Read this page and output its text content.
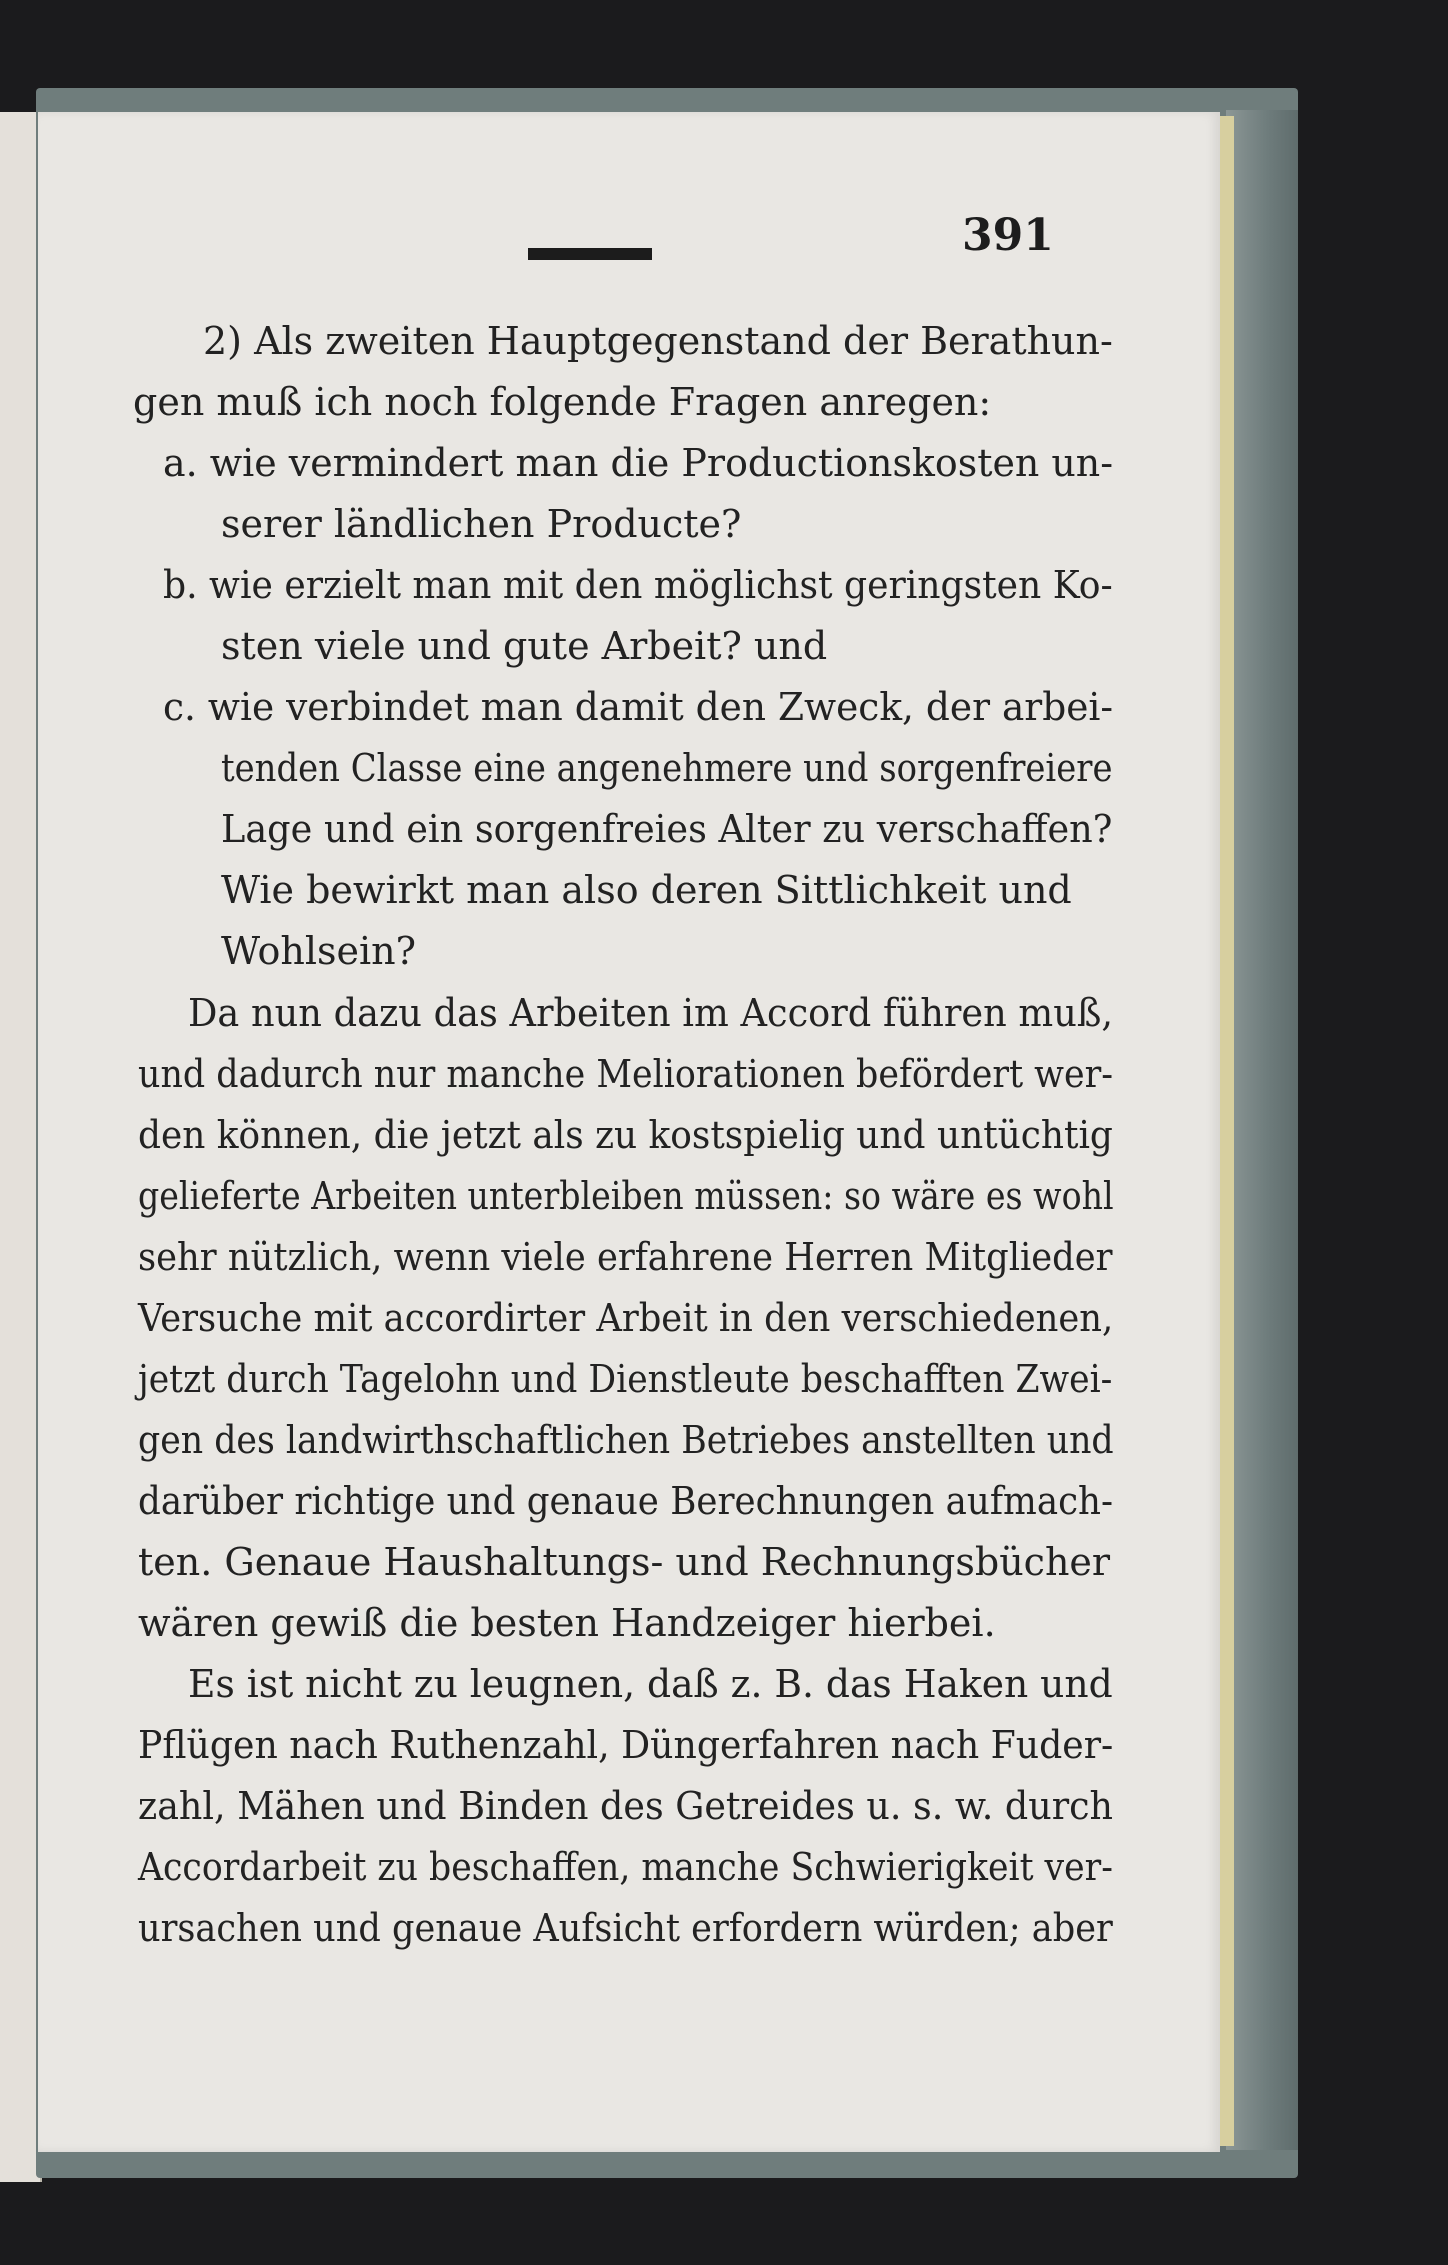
391
2) Als zweiten Hauptgegenstand der Berathun-
gen muß ich noch folgende Fragen anregen:
a. wie vermindert man die Productionskosten un-
serer ländlichen Producte?
b. wie erzielt man mit den möglichst geringsten Ko-
sten viele und gute Arbeit? und
c. wie verbindet man damit den Zweck, der arbei-
tenden Classe eine angenehmere und sorgenfreiere
Lage und ein sorgenfreies Alter zu verschaffen?
Wie bewirkt man also deren Sittlichkeit und
Wohlsein?
Da nun dazu das Arbeiten im Accord führen muß,
und dadurch nur manche Meliorationen befördert wer-
den können, die jetzt als zu kostspielig und untüchtig
gelieferte Arbeiten unterbleiben müssen: so wäre es wohl
sehr nützlich, wenn viele erfahrene Herren Mitglieder
Versuche mit accordirter Arbeit in den verschiedenen,
jetzt durch Tagelohn und Dienstleute beschafften Zwei-
gen des landwirthschaftlichen Betriebes anstellten und
darüber richtige und genaue Berechnungen aufmach-
ten. Genaue Haushaltungs- und Rechnungsbücher
wären gewiß die besten Handzeiger hierbei.
Es ist nicht zu leugnen, daß z. B. das Haken und
Pflügen nach Ruthenzahl, Düngerfahren nach Fuder-
zahl, Mähen und Binden des Getreides u. s. w. durch
Accordarbeit zu beschaffen, manche Schwierigkeit ver-
ursachen und genaue Aufsicht erfordern würden; aber
